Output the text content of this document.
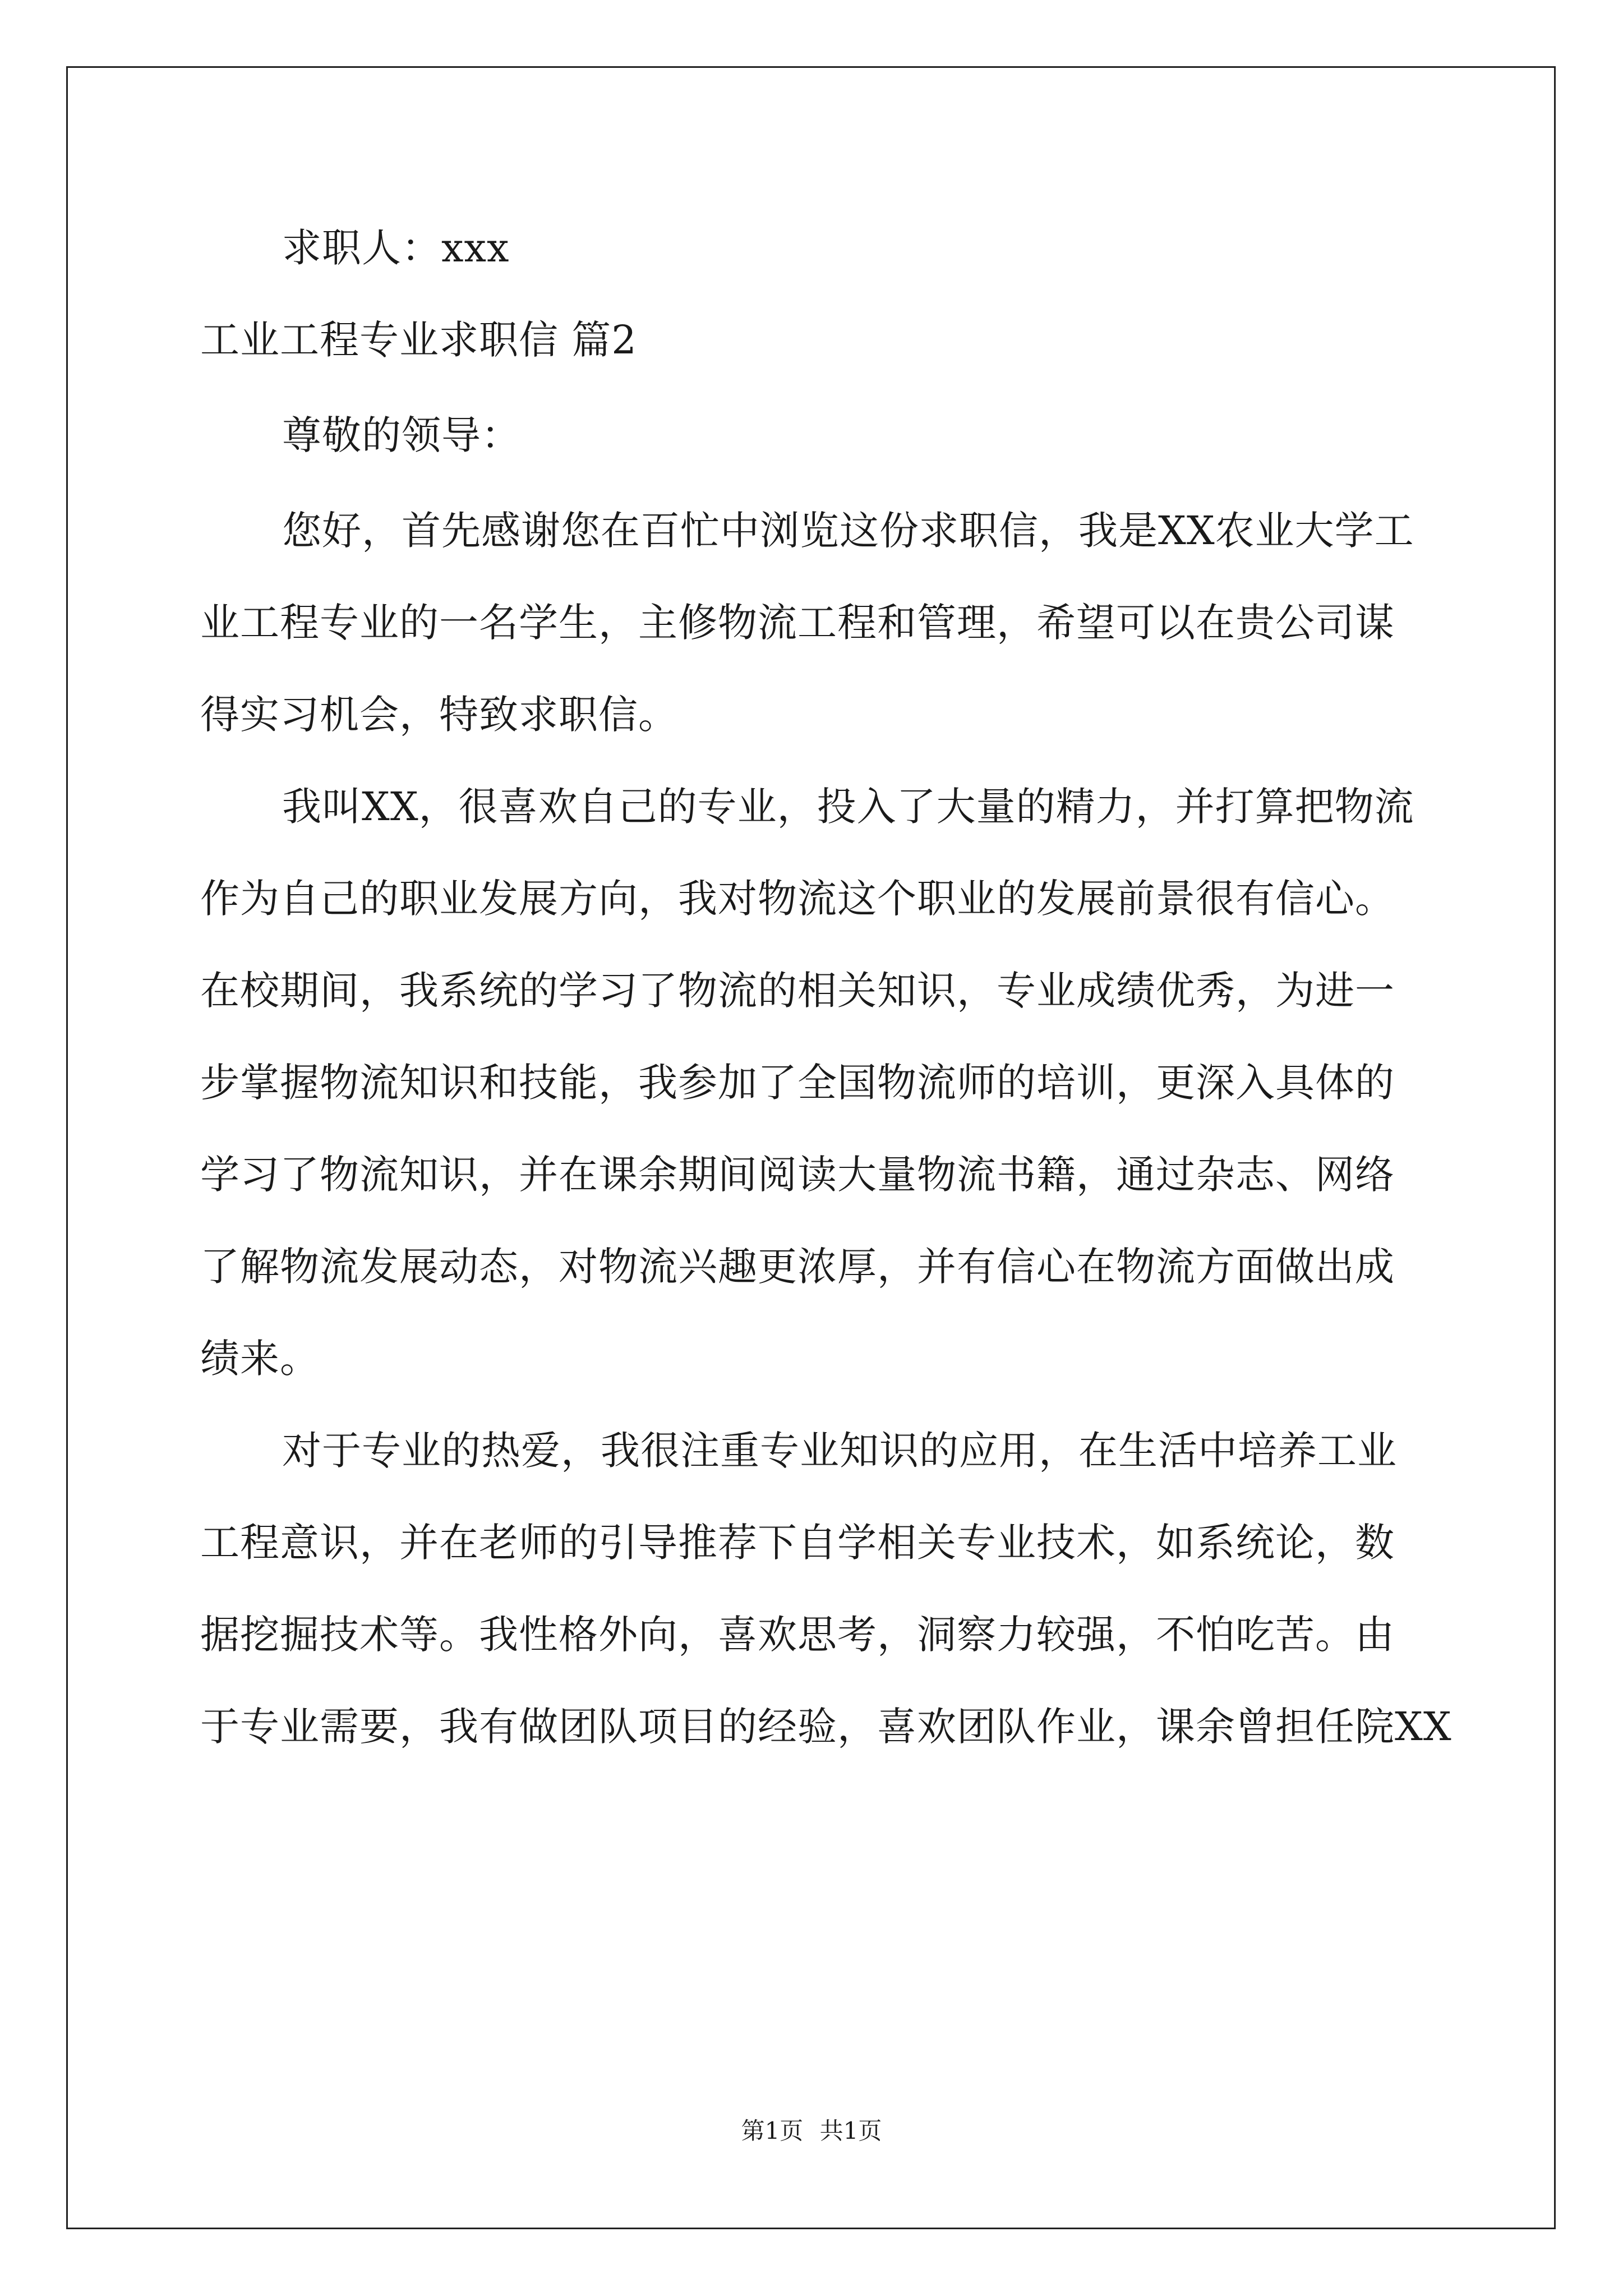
求职人：xxx

工业工程专业求职信 篇2

尊敬的领导：

您好，首先感谢您在百忙中浏览这份求职信，我是XX农业大学工
业工程专业的一名学生，主修物流工程和管理，希望可以在贵公司谋
得实习机会，特致求职信。
我叫XX，很喜欢自己的专业，投入了大量的精力，并打算把物流
作为自己的职业发展方向，我对物流这个职业的发展前景很有信心。
在校期间，我系统的学习了物流的相关知识，专业成绩优秀，为进一
步掌握物流知识和技能，我参加了全国物流师的培训，更深入具体的
学习了物流知识，并在课余期间阅读大量物流书籍，通过杂志、网络
了解物流发展动态，对物流兴趣更浓厚，并有信心在物流方面做出成
绩来。
对于专业的热爱，我很注重专业知识的应用，在生活中培养工业
工程意识，并在老师的引导推荐下自学相关专业技术，如系统论，数
据挖掘技术等。我性格外向，喜欢思考，洞察力较强，不怕吃苦。由
于专业需要，我有做团队项目的经验，喜欢团队作业，课余曾担任院XX
第1页 共1页
